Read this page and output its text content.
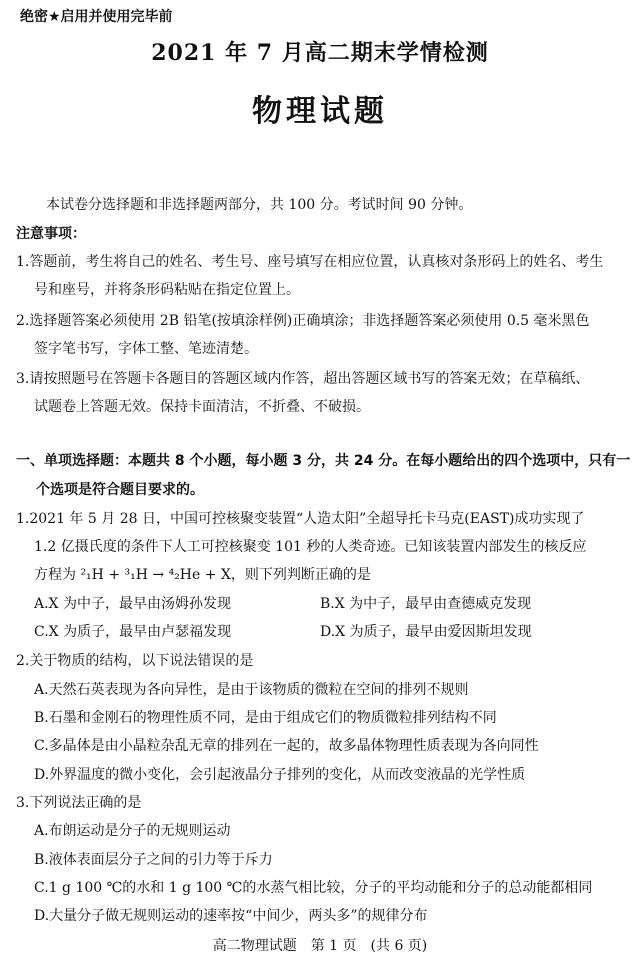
绝密★启用并使用完毕前
2021 年 7 月高二期末学情检测
物理试题
本试卷分选择题和非选择题两部分，共 100 分。考试时间 90 分钟。
注意事项：
1.答题前，考生将自己的姓名、考生号、座号填写在相应位置，认真核对条形码上的姓名、考生
号和座号，并将条形码粘贴在指定位置上。
2.选择题答案必须使用 2B 铅笔(按填涂样例)正确填涂；非选择题答案必须使用 0.5 毫米黑色
签字笔书写，字体工整、笔迹清楚。
3.请按照题号在答题卡各题目的答题区域内作答，超出答题区域书写的答案无效；在草稿纸、
试题卷上答题无效。保持卡面清洁，不折叠、不破损。
一、单项选择题：本题共 8 个小题，每小题 3 分，共 24 分。在每小题给出的四个选项中，只有一
个选项是符合题目要求的。
1.2021 年 5 月 28 日，中国可控核聚变装置“人造太阳”全超导托卡马克(EAST)成功实现了
1.2 亿摄氏度的条件下人工可控核聚变 101 秒的人类奇迹。已知该装置内部发生的核反应
方程为 ²₁H + ³₁H → ⁴₂He + X，则下列判断正确的是
A.X 为中子，最早由汤姆孙发现	B.X 为中子，最早由查德威克发现
C.X 为质子，最早由卢瑟福发现	D.X 为质子，最早由爱因斯坦发现
2.关于物质的结构，以下说法错误的是
A.天然石英表现为各向异性，是由于该物质的微粒在空间的排列不规则
B.石墨和金刚石的物理性质不同，是由于组成它们的物质微粒排列结构不同
C.多晶体是由小晶粒杂乱无章的排列在一起的，故多晶体物理性质表现为各向同性
D.外界温度的微小变化，会引起液晶分子排列的变化，从而改变液晶的光学性质
3.下列说法正确的是
A.布朗运动是分子的无规则运动
B.液体表面层分子之间的引力等于斥力
C.1 g 100 ℃的水和 1 g 100 ℃的水蒸气相比较，分子的平均动能和分子的总动能都相同
D.大量分子做无规则运动的速率按“中间少，两头多”的规律分布
高二物理试题　第 1 页　(共 6 页)
